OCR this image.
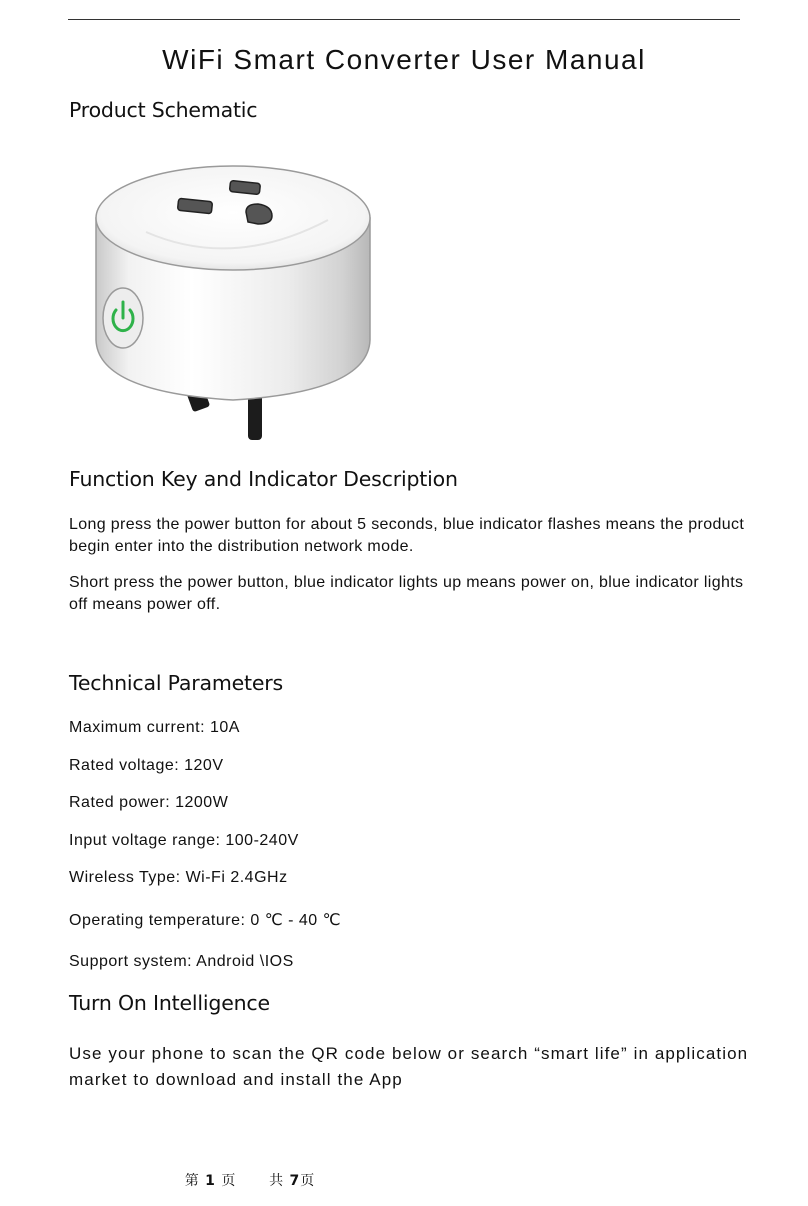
WiFi Smart Converter User Manual
Product Schematic
Function Key and Indicator Description

Long press the power button for about 5 seconds, blue indicator flashes means the product begin enter into the distribution network mode.

Short press the power button, blue indicator lights up means power on, blue indicator lights off means power off.

Technical Parameters
Maximum current: 10A
Rated voltage: 120V
Rated power: 1200W
Input voltage range: 100-240V
Wireless Type: Wi-Fi 2.4GHz
Operating temperature: 0 ℃ - 40 ℃
Support system: Android \IOS
Turn On Intelligence

Use your phone to scan the QR code below or search “smart life” in application market to download and install the App

第 1 页 共 7页
